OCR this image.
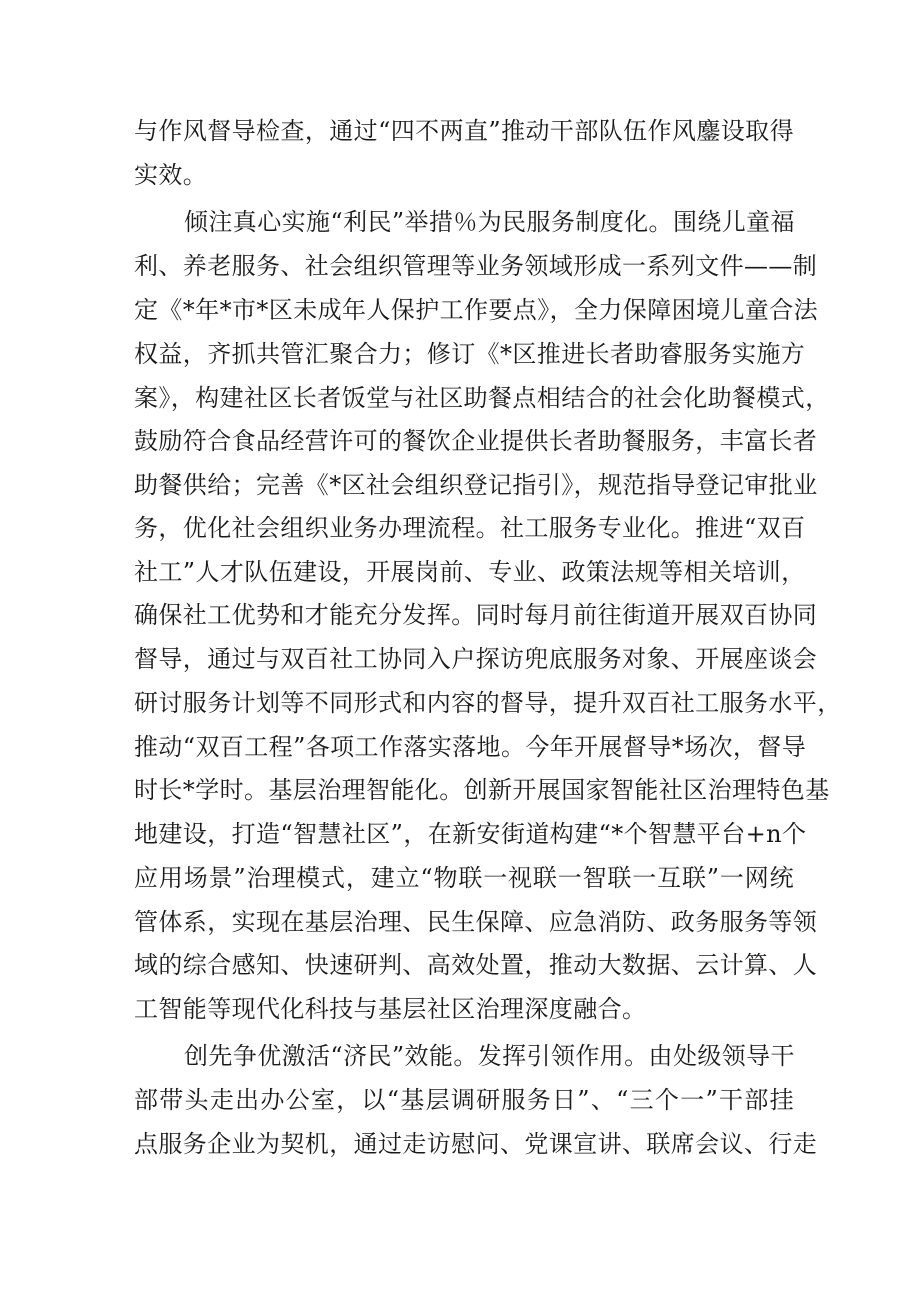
与作风督导检查，通过“四不两直”推动干部队伍作风鏖设取得
实效。
倾注真心实施“利民”举措％为民服务制度化。围绕儿童福
利、养老服务、社会组织管理等业务领域形成一系列文件——制
定《*年*市*区未成年人保护工作要点》，全力保障困境儿童合法
权益，齐抓共管汇聚合力；修订《*区推进长者助睿服务实施方
案》，构建社区长者饭堂与社区助餐点相结合的社会化助餐模式，
鼓励符合食品经营许可的餐饮企业提供长者助餐服务，丰富长者
助餐供给；完善《*区社会组织登记指引》，规范指导登记审批业
务，优化社会组织业务办理流程。社工服务专业化。推进“双百
社工”人才队伍建设，开展岗前、专业、政策法规等相关培训，
确保社工优势和才能充分发挥。同时每月前往街道开展双百协同
督导，通过与双百社工协同入户探访兜底服务对象、开展座谈会
研讨服务计划等不同形式和内容的督导，提升双百社工服务水平，
推动“双百工程”各项工作落实落地。今年开展督导*场次，督导
时长*学时。基层治理智能化。创新开展国家智能社区治理特色基
地建设，打造“智慧社区”，在新安街道构建“*个智慧平台+n个
应用场景”治理模式，建立“物联一视联一智联一互联”一网统
管体系，实现在基层治理、民生保障、应急消防、政务服务等领
域的综合感知、快速研判、高效处置，推动大数据、云计算、人
工智能等现代化科技与基层社区治理深度融合。
创先争优激活“济民”效能。发挥引领作用。由处级领导干
部带头走出办公室，以“基层调研服务日”、“三个一”干部挂
点服务企业为契机，通过走访慰问、党课宣讲、联席会议、行走
